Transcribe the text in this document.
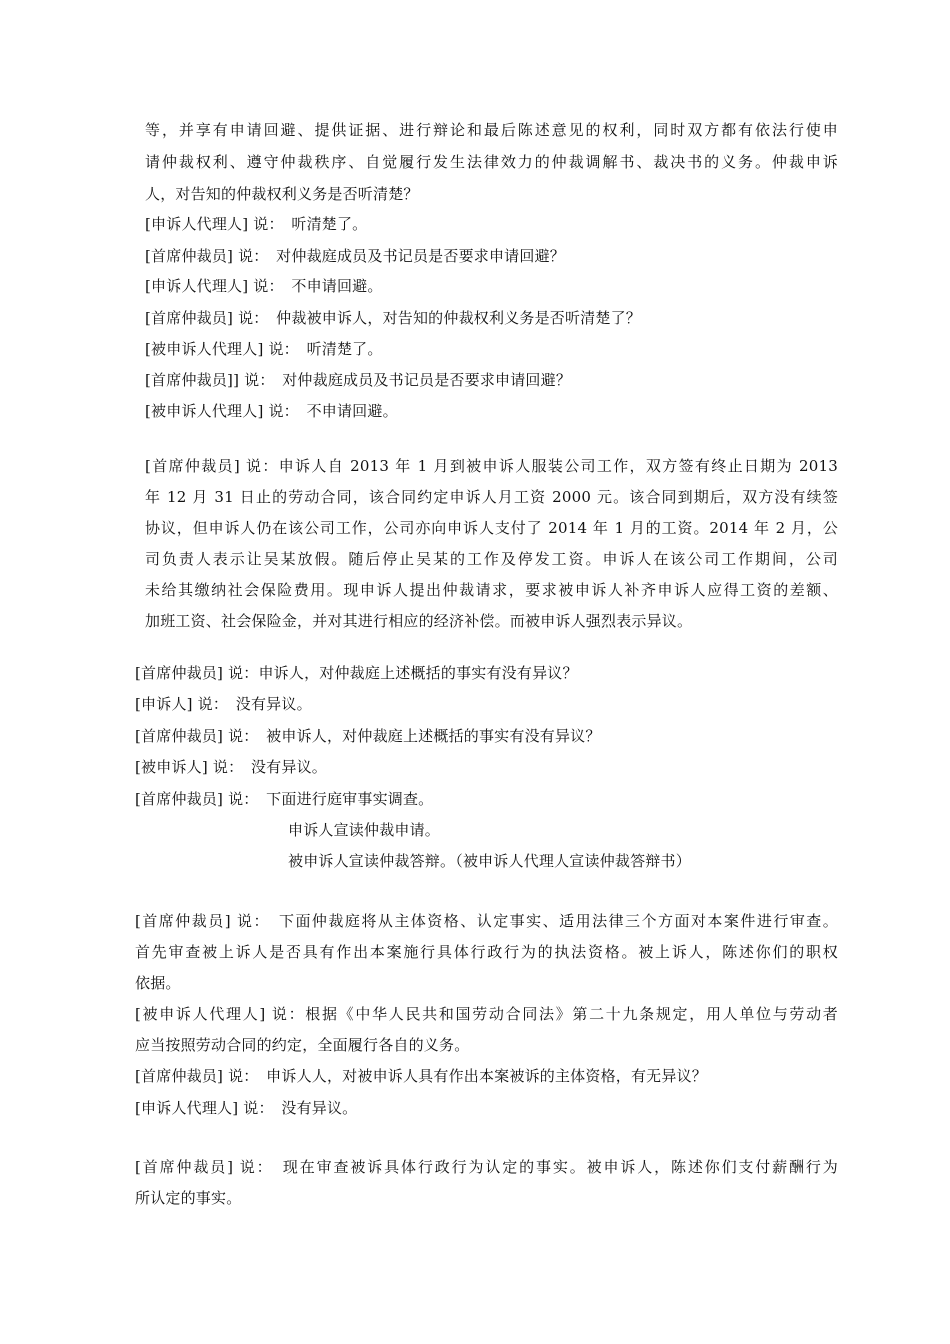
等，并享有申请回避、提供证据、进行辩论和最后陈述意见的权利，同时双方都有依法行使申
请仲裁权利、遵守仲裁秩序、自觉履行发生法律效力的仲裁调解书、裁决书的义务。仲裁申诉
人，对告知的仲裁权利义务是否听清楚？
[申诉人代理人] 说：　听清楚了。
[首席仲裁员] 说：　对仲裁庭成员及书记员是否要求申请回避？
[申诉人代理人] 说：　不申请回避。
[首席仲裁员] 说：　仲裁被申诉人，对告知的仲裁权利义务是否听清楚了？
[被申诉人代理人] 说：　听清楚了。
[首席仲裁员]] 说：　对仲裁庭成员及书记员是否要求申请回避？
[被申诉人代理人] 说：　不申请回避。
[首席仲裁员] 说：申诉人自 2013 年 1 月到被申诉人服装公司工作，双方签有终止日期为 2013
年 12 月 31 日止的劳动合同，该合同约定申诉人月工资 2000 元。该合同到期后，双方没有续签
协议，但申诉人仍在该公司工作，公司亦向申诉人支付了 2014 年 1 月的工资。2014 年 2 月，公
司负责人表示让吴某放假。随后停止吴某的工作及停发工资。申诉人在该公司工作期间，公司
未给其缴纳社会保险费用。现申诉人提出仲裁请求，要求被申诉人补齐申诉人应得工资的差额、
加班工资、社会保险金，并对其进行相应的经济补偿。而被申诉人强烈表示异议。
[首席仲裁员] 说：申诉人，对仲裁庭上述概括的事实有没有异议？
[申诉人] 说：　没有异议。
[首席仲裁员] 说：　被申诉人，对仲裁庭上述概括的事实有没有异议？
[被申诉人] 说：　没有异议。
[首席仲裁员] 说：　下面进行庭审事实调查。
申诉人宣读仲裁申请。
被申诉人宣读仲裁答辩。（被申诉人代理人宣读仲裁答辩书）
[首席仲裁员] 说：　下面仲裁庭将从主体资格、认定事实、适用法律三个方面对本案件进行审查。
首先审查被上诉人是否具有作出本案施行具体行政行为的执法资格。被上诉人，陈述你们的职权
依据。
[被申诉人代理人] 说：根据《中华人民共和国劳动合同法》第二十九条规定，用人单位与劳动者
应当按照劳动合同的约定，全面履行各自的义务。
[首席仲裁员] 说：　申诉人人，对被申诉人具有作出本案被诉的主体资格，有无异议？
[申诉人代理人] 说：　没有异议。
[首席仲裁员] 说：　现在审查被诉具体行政行为认定的事实。被申诉人，陈述你们支付薪酬行为
所认定的事实。
